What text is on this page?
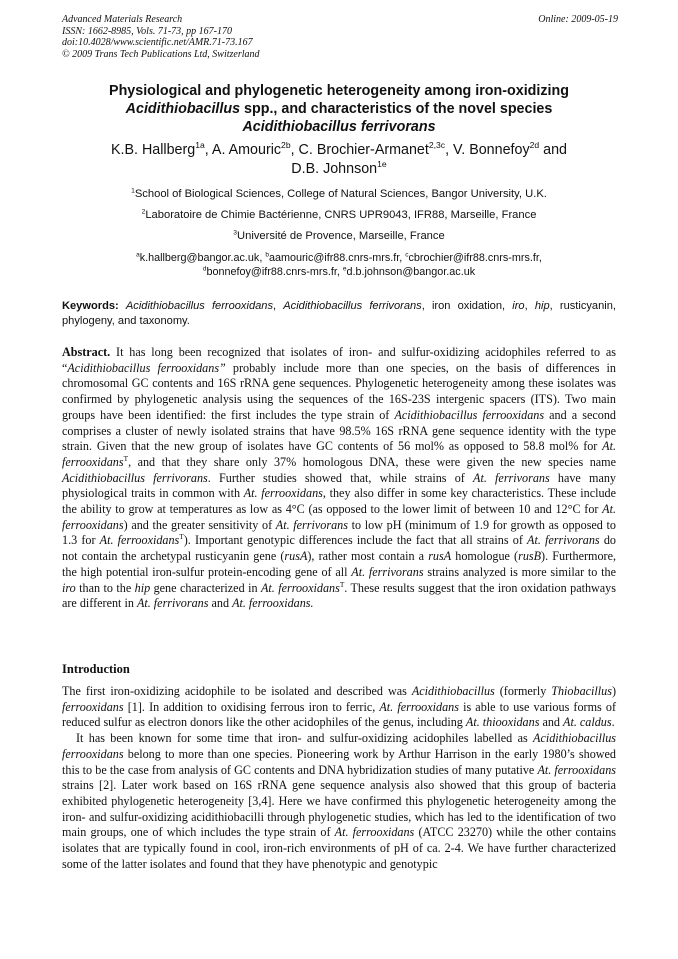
Advanced Materials Research
ISSN: 1662-8985, Vols. 71-73, pp 167-170
doi:10.4028/www.scientific.net/AMR.71-73.167
© 2009 Trans Tech Publications Ltd, Switzerland
Online: 2009-05-19
Physiological and phylogenetic heterogeneity among iron-oxidizing
Acidithiobacillus spp., and characteristics of the novel species
Acidithiobacillus ferrivorans
K.B. Hallberg$^{1a}$, A. Amouric$^{2b}$, C. Brochier-Armanet$^{2,3c}$, V. Bonnefoy$^{2d}$ and
D.B. Johnson$^{1e}$
$^1$School of Biological Sciences, College of Natural Sciences, Bangor University, U.K.
$^2$Laboratoire de Chimie Bactérienne, CNRS UPR9043, IFR88, Marseille, France
$^3$Université de Provence, Marseille, France
$^a$k.hallberg@bangor.ac.uk, $^b$aamouric@ifr88.cnrs-mrs.fr, $^c$cbrochier@ifr88.cnrs-mrs.fr,
$^d$bonnefoy@ifr88.cnrs-mrs.fr, $^e$d.b.johnson@bangor.ac.uk
Keywords: Acidithiobacillus ferrooxidans, Acidithiobacillus ferrivorans, iron oxidation, iro, hip, rusticyanin, phylogeny, and taxonomy.
Abstract. It has long been recognized that isolates of iron- and sulfur-oxidizing acidophiles referred to as “Acidithiobacillus ferrooxidans” probably include more than one species, on the basis of differences in chromosomal GC contents and 16S rRNA gene sequences. Phylogenetic heterogeneity among these isolates was confirmed by phylogenetic analysis using the sequences of the 16S-23S intergenic spacers (ITS). Two main groups have been identified: the first includes the type strain of Acidithiobacillus ferrooxidans and a second comprises a cluster of newly isolated strains that have 98.5% 16S rRNA gene sequence identity with the type strain. Given that the new group of isolates have GC contents of 56 mol% as opposed to 58.8 mol% for At. ferrooxidans$^T$, and that they share only 37% homologous DNA, these were given the new species name Acidithiobacillus ferrivorans. Further studies showed that, while strains of At. ferrivorans have many physiological traits in common with At. ferrooxidans, they also differ in some key characteristics. These include the ability to grow at temperatures as low as 4°C (as opposed to the lower limit of between 10 and 12°C for At. ferrooxidans) and the greater sensitivity of At. ferrivorans to low pH (minimum of 1.9 for growth as opposed to 1.3 for At. ferrooxidans$^T$). Important genotypic differences include the fact that all strains of At. ferrivorans do not contain the archetypal rusticyanin gene (rusA), rather most contain a rusA homologue (rusB). Furthermore, the high potential iron-sulfur protein-encoding gene of all At. ferrivorans strains analyzed is more similar to the iro than to the hip gene characterized in At. ferrooxidans$^T$. These results suggest that the iron oxidation pathways are different in At. ferrivorans and At. ferrooxidans.
Introduction

The first iron-oxidizing acidophile to be isolated and described was Acidithiobacillus (formerly Thiobacillus) ferrooxidans [1]. In addition to oxidising ferrous iron to ferric, At. ferrooxidans is able to use various forms of reduced sulfur as electron donors like the other acidophiles of the genus, including At. thiooxidans and At. caldus.

It has been known for some time that iron- and sulfur-oxidizing acidophiles labelled as Acidithiobacillus ferrooxidans belong to more than one species. Pioneering work by Arthur Harrison in the early 1980’s showed this to be the case from analysis of GC contents and DNA hybridization studies of many putative At. ferrooxidans strains [2]. Later work based on 16S rRNA gene sequence analysis also showed that this group of bacteria exhibited phylogenetic heterogeneity [3,4]. Here we have confirmed this phylogenetic heterogeneity among the iron- and sulfur-oxidizing acidithiobacilli through phylogenetic studies, which has led to the identification of two main groups, one of which includes the type strain of At. ferrooxidans (ATCC 23270) while the other contains isolates that are typically found in cool, iron-rich environments of pH of ca. 2-4. We have further characterized some of the latter isolates and found that they have phenotypic and genotypic
